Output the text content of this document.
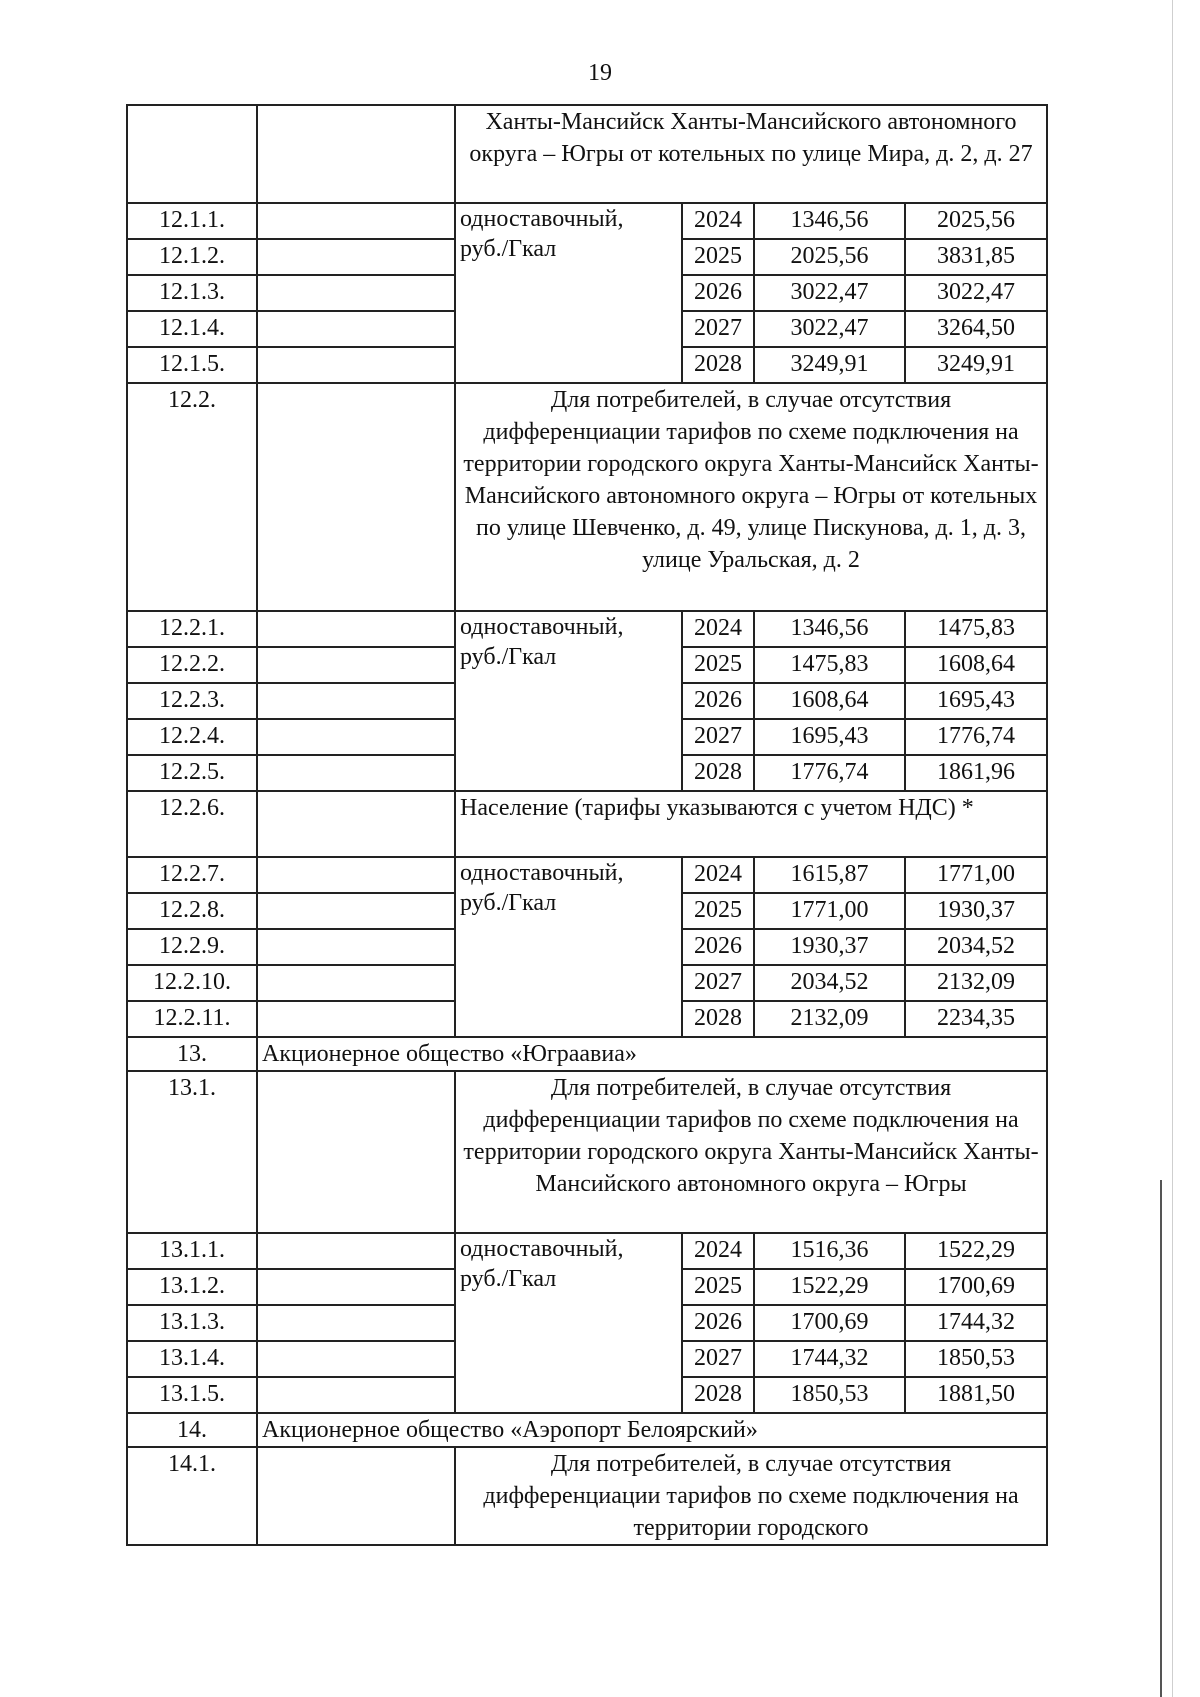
19
		Ханты-Мансийск Ханты-Мансийского автономного округа – Югры от котельных по улице Мира, д. 2, д. 27			
12.1.1.		одноставочный, руб./Гкал	2024	1346,56	2025,56
12.1.2.			2025	2025,56	3831,85
12.1.3.			2026	3022,47	3022,47
12.1.4.			2027	3022,47	3264,50
12.1.5.			2028	3249,91	3249,91
12.2.		Для потребителей, в случае отсутствия дифференциации тарифов по схеме подключения на территории городского округа Ханты-Мансийск Ханты-Мансийского автономного округа – Югры от котельных по улице Шевченко, д. 49, улице Пискунова, д. 1, д. 3, улице Уральская, д. 2			
12.2.1.		одноставочный, руб./Гкал	2024	1346,56	1475,83
12.2.2.			2025	1475,83	1608,64
12.2.3.			2026	1608,64	1695,43
12.2.4.			2027	1695,43	1776,74
12.2.5.			2028	1776,74	1861,96
12.2.6.		Население (тарифы указываются с учетом НДС) *			
12.2.7.		одноставочный, руб./Гкал	2024	1615,87	1771,00
12.2.8.			2025	1771,00	1930,37
12.2.9.			2026	1930,37	2034,52
12.2.10.			2027	2034,52	2132,09
12.2.11.			2028	2132,09	2234,35
13.	Акционерное общество «Юграавиа»				
13.1.		Для потребителей, в случае отсутствия дифференциации тарифов по схеме подключения на территории городского округа Ханты-Мансийск Ханты-Мансийского автономного округа – Югры			
13.1.1.		одноставочный, руб./Гкал	2024	1516,36	1522,29
13.1.2.			2025	1522,29	1700,69
13.1.3.			2026	1700,69	1744,32
13.1.4.			2027	1744,32	1850,53
13.1.5.			2028	1850,53	1881,50
14.	Акционерное общество «Аэропорт Белоярский»				
14.1.		Для потребителей, в случае отсутствия дифференциации тарифов по схеме подключения на территории городского			
